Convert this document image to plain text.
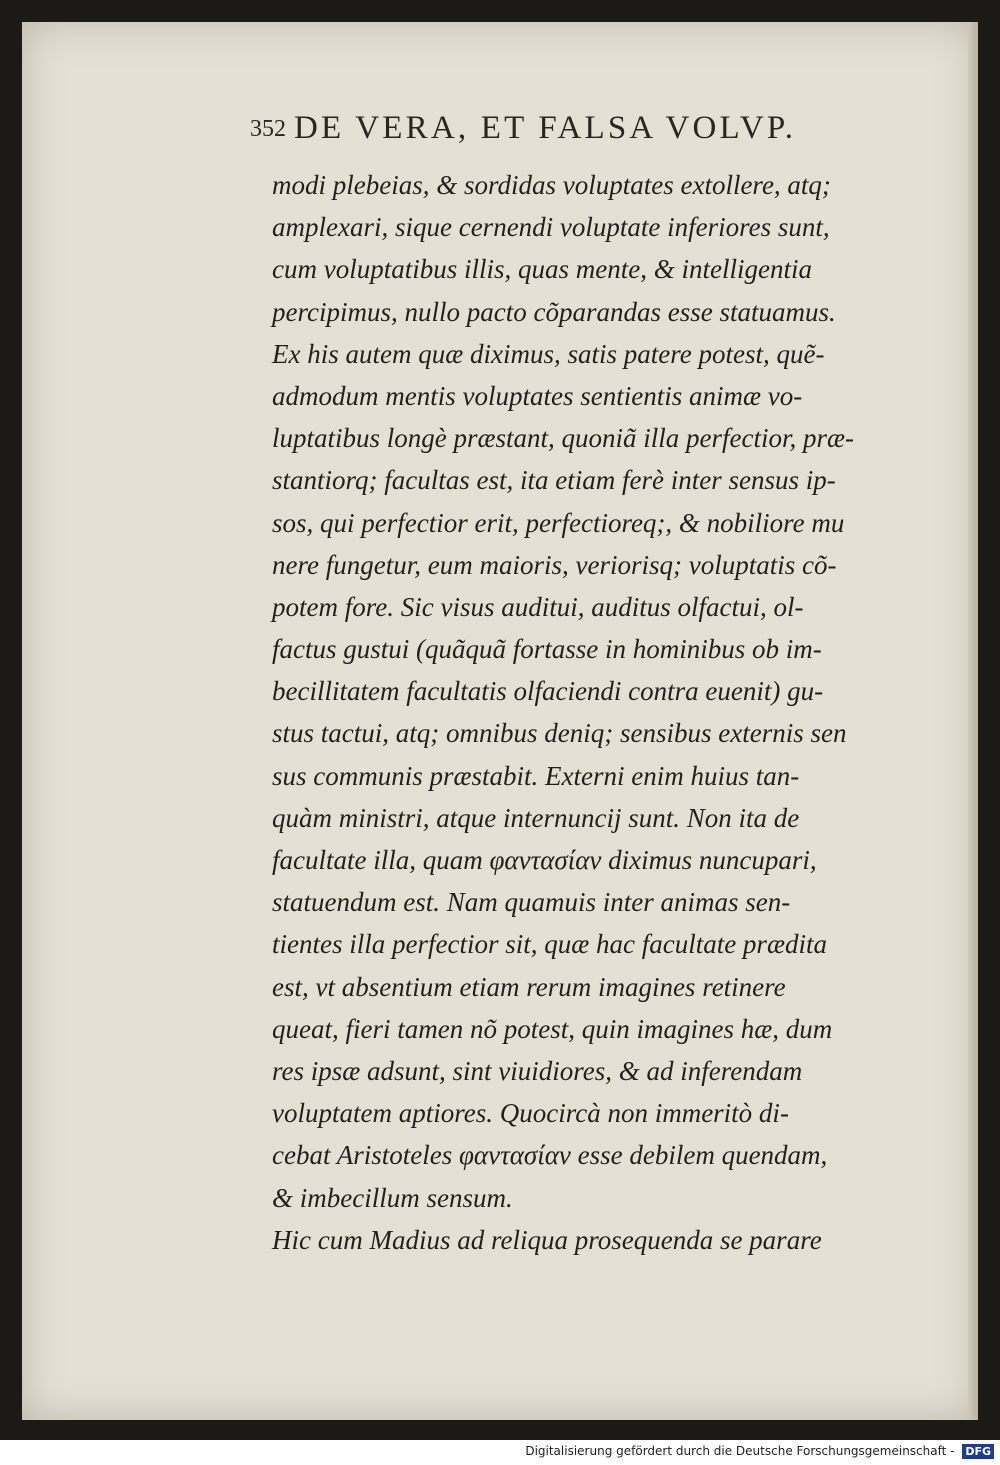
352 DE VERA, ET FALSA VOLVP.
modi plebeias, & sordidas voluptates extollere, atq;
amplexari, sique cernendi voluptate inferiores sunt,
cum voluptatibus illis, quas mente, & intelligentia
percipimus, nullo pacto cõparandas esse statuamus.
Ex his autem quæ diximus, satis patere potest, quẽ-
admodum mentis voluptates sentientis animæ vo-
luptatibus longè præstant, quoniã illa perfectior, præ-
stantiorq; facultas est, ita etiam ferè inter sensus ip-
sos, qui perfectior erit, perfectioreq;, & nobiliore mu
nere fungetur, eum maioris, veriorisq; voluptatis cõ-
potem fore. Sic visus auditui, auditus olfactui, ol-
factus gustui (quãquã fortasse in hominibus ob im-
becillitatem facultatis olfaciendi contra euenit) gu-
stus tactui, atq; omnibus deniq; sensibus externis sen
sus communis præstabit. Externi enim huius tan-
quàm ministri, atque internuncij sunt. Non ita de
facultate illa, quam φαντασίαν diximus nuncupari,
statuendum est. Nam quamuis inter animas sen-
tientes illa perfectior sit, quæ hac facultate prædita
est, vt absentium etiam rerum imagines retinere
queat, fieri tamen nõ potest, quin imagines hæ, dum
res ipsæ adsunt, sint viuidiores, & ad inferendam
voluptatem aptiores. Quocircà non immeritò di-
cebat Aristoteles φαντασίαν esse debilem quendam,
& imbecillum sensum.
Hic cum Madius ad reliqua prosequenda se parare
Digitalisierung gefördert durch die Deutsche Forschungsgemeinschaft - DFG
